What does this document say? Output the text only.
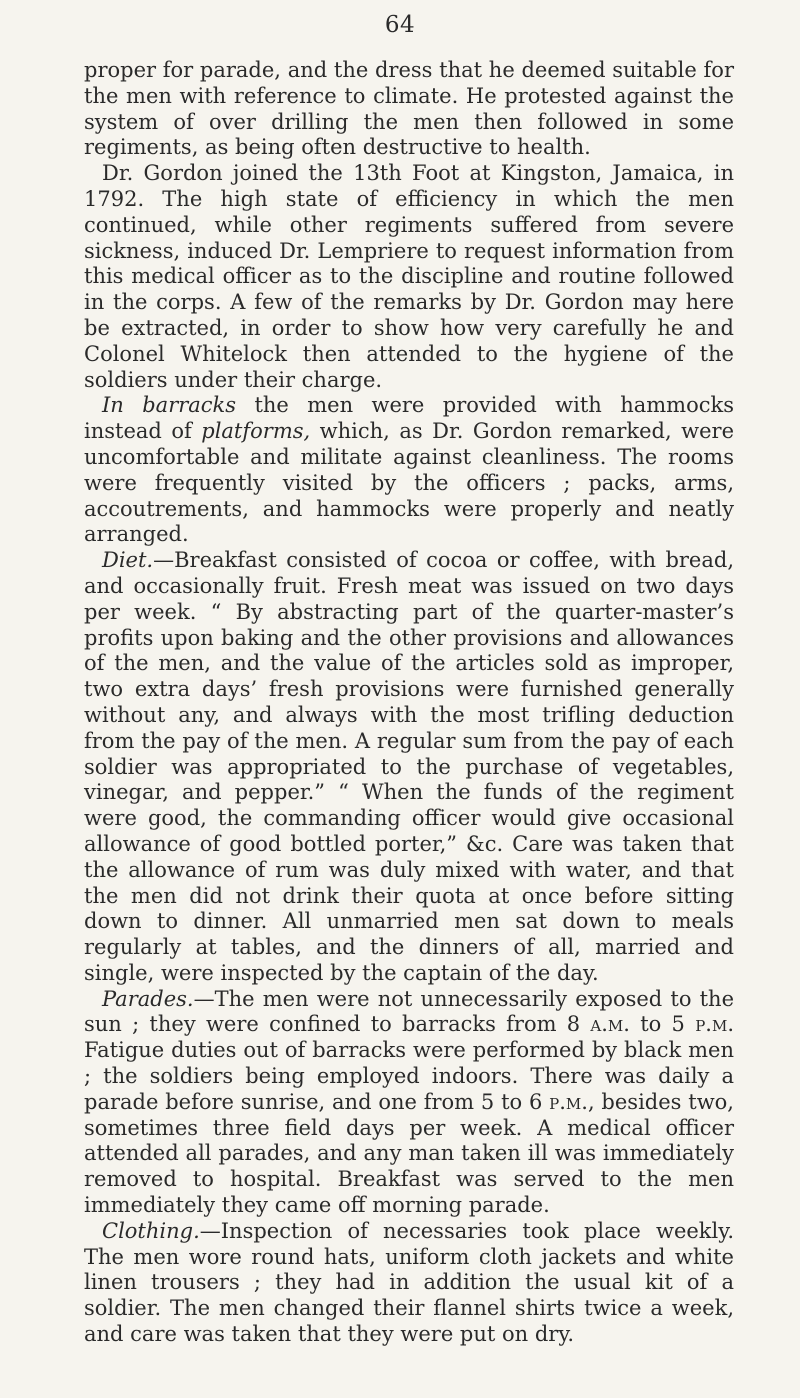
64

proper for parade, and the dress that he deemed suitable for the men with reference to climate. He protested against the system of over drilling the men then followed in some regiments, as being often destructive to health.

Dr. Gordon joined the 13th Foot at Kingston, Jamaica, in 1792. The high state of efficiency in which the men continued, while other regiments suffered from severe sickness, induced Dr. Lempriere to request information from this medical officer as to the discipline and routine followed in the corps. A few of the remarks by Dr. Gordon may here be extracted, in order to show how very carefully he and Colonel Whitelock then attended to the hygiene of the soldiers under their charge.

In barracks the men were provided with hammocks instead of platforms, which, as Dr. Gordon remarked, were uncomfortable and militate against cleanliness. The rooms were frequently visited by the officers ; packs, arms, accoutrements, and hammocks were properly and neatly arranged.

Diet.—Breakfast consisted of cocoa or coffee, with bread, and occasionally fruit. Fresh meat was issued on two days per week. “ By abstracting part of the quarter-master’s profits upon baking and the other provisions and allowances of the men, and the value of the articles sold as improper, two extra days’ fresh provisions were furnished generally without any, and always with the most trifling deduction from the pay of the men. A regular sum from the pay of each soldier was appropriated to the purchase of vegetables, vinegar, and pepper.” “ When the funds of the regiment were good, the commanding officer would give occasional allowance of good bottled porter,” &c. Care was taken that the allowance of rum was duly mixed with water, and that the men did not drink their quota at once before sitting down to dinner. All unmarried men sat down to meals regularly at tables, and the dinners of all, married and single, were inspected by the captain of the day.

Parades.—The men were not unnecessarily exposed to the sun ; they were confined to barracks from 8 a.m. to 5 p.m. Fatigue duties out of barracks were performed by black men ; the soldiers being employed indoors. There was daily a parade before sunrise, and one from 5 to 6 p.m., besides two, sometimes three field days per week. A medical officer attended all parades, and any man taken ill was immediately removed to hospital. Breakfast was served to the men immediately they came off morning parade.

Clothing.—Inspection of necessaries took place weekly. The men wore round hats, uniform cloth jackets and white linen trousers ; they had in addition the usual kit of a soldier. The men changed their flannel shirts twice a week, and care was taken that they were put on dry.
